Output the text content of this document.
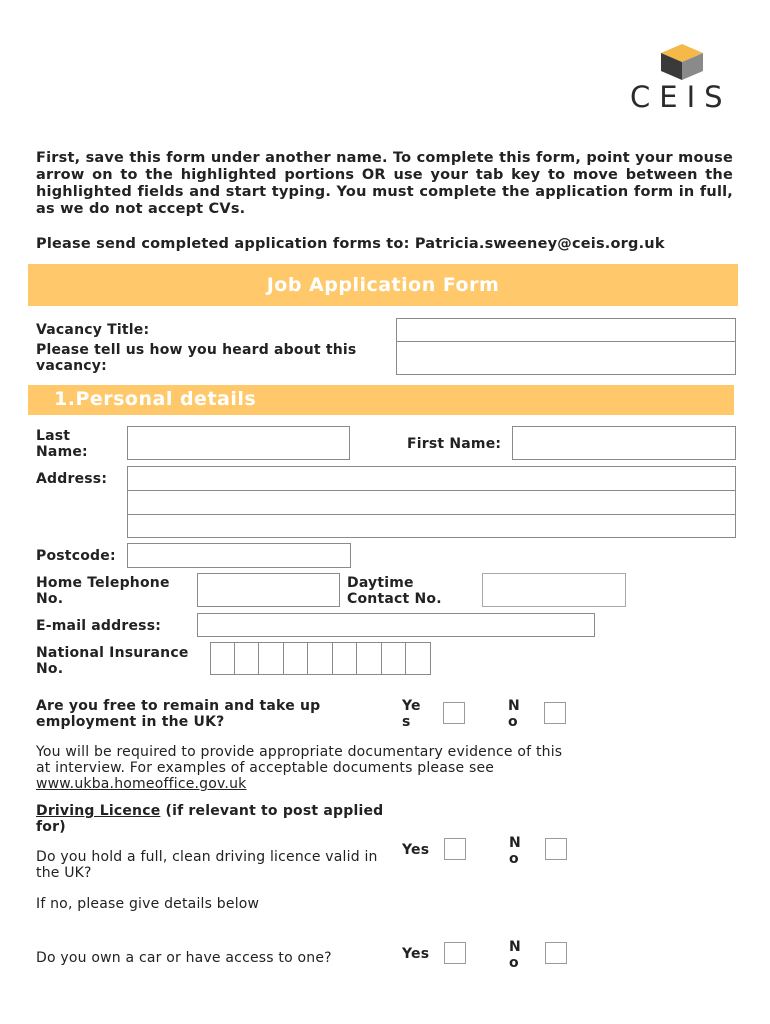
CEIS
First, save this form under another name. To complete this form, point your mouse arrow on to the highlighted portions OR use your tab key to move between the highlighted fields and start typing. You must complete the application form in full, as we do not accept CVs.
Please send completed application forms to: Patricia.sweeney@ceis.org.uk
Job Application Form
Vacancy Title:
Please tell us how you heard about this vacancy:
1.Personal details
Last Name:	First Name:
Address:
Postcode:
Home Telephone No.
Daytime Contact No.
E-mail address:
National Insurance No.
Are you free to remain and take up employment in the UK?
Ye
s
N
o
You will be required to provide appropriate documentary evidence of this at interview. For examples of acceptable documents please see www.ukba.homeoffice.gov.uk
Driving Licence (if relevant to post applied for)
Do you hold a full, clean driving licence valid in the UK?
Yes	N
o
If no, please give details below
Do you own a car or have access to one?	Yes	N
o
